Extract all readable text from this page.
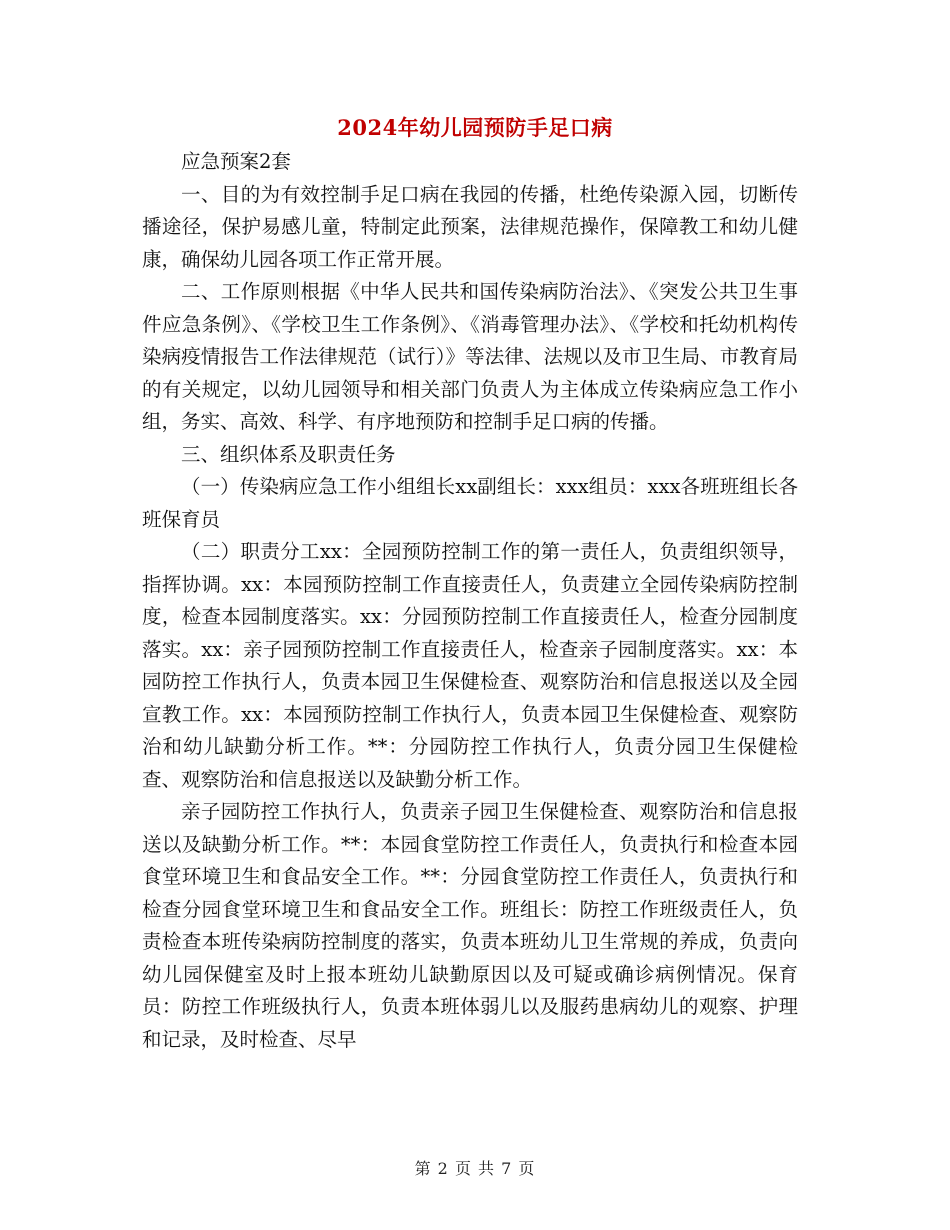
2024年幼儿园预防手足口病

应急预案2套

一、目的为有效控制手足口病在我园的传播，杜绝传染源入园，切断传播途径，保护易感儿童，特制定此预案，法律规范操作，保障教工和幼儿健康，确保幼儿园各项工作正常开展。

二、工作原则根据《中华人民共和国传染病防治法》、《突发公共卫生事件应急条例》、《学校卫生工作条例》、《消毒管理办法》、《学校和托幼机构传染病疫情报告工作法律规范（试行）》等法律、法规以及市卫生局、市教育局的有关规定，以幼儿园领导和相关部门负责人为主体成立传染病应急工作小组，务实、高效、科学、有序地预防和控制手足口病的传播。

三、组织体系及职责任务

（一）传染病应急工作小组组长xx副组长：xxx组员：xxx各班班组长各班保育员

（二）职责分工xx：全园预防控制工作的第一责任人，负责组织领导，指挥协调。xx：本园预防控制工作直接责任人，负责建立全园传染病防控制度，检查本园制度落实。xx：分园预防控制工作直接责任人，检查分园制度落实。xx：亲子园预防控制工作直接责任人，检查亲子园制度落实。xx：本园防控工作执行人，负责本园卫生保健检查、观察防治和信息报送以及全园宣教工作。xx：本园预防控制工作执行人，负责本园卫生保健检查、观察防治和幼儿缺勤分析工作。**：分园防控工作执行人，负责分园卫生保健检查、观察防治和信息报送以及缺勤分析工作。

亲子园防控工作执行人，负责亲子园卫生保健检查、观察防治和信息报送以及缺勤分析工作。**：本园食堂防控工作责任人，负责执行和检查本园食堂环境卫生和食品安全工作。**：分园食堂防控工作责任人，负责执行和检查分园食堂环境卫生和食品安全工作。班组长：防控工作班级责任人，负责检查本班传染病防控制度的落实，负责本班幼儿卫生常规的养成，负责向幼儿园保健室及时上报本班幼儿缺勤原因以及可疑或确诊病例情况。保育员：防控工作班级执行人，负责本班体弱儿以及服药患病幼儿的观察、护理和记录，及时检查、尽早

第 2 页 共 7 页
